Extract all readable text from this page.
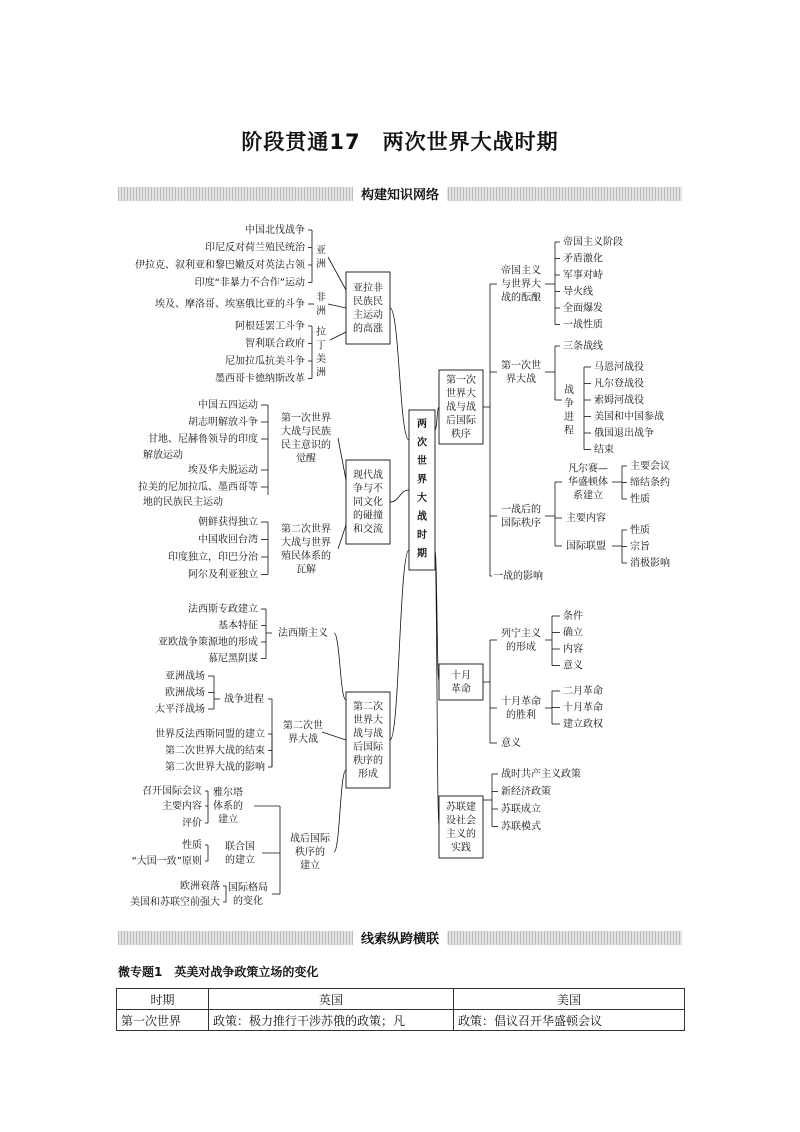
阶段贯通17　两次世界大战时期
构建知识网络
两
次
世
界
大
战
时
期
亚拉非
民族民
主运动
的高涨
现代战
争与不
同文化
的碰撞
和交流
第二次
世界大
战与战
后国际
秩序的
形成
第一次
世界大
战与战
后国际
秩序
十月
革命
苏联建
设社会
主义的
实践
中国北伐战争
印尼反对荷兰殖民统治
伊拉克、叙利亚和黎巴嫩反对英法占领
印度“非暴力不合作”运动
亚
洲
埃及、摩洛哥、埃塞俄比亚的斗争
非
洲
阿根廷罢工斗争
智利联合政府
尼加拉瓜抗美斗争
墨西哥卡德纳斯改革
拉
丁
美
洲
中国五四运动
胡志明解放斗争
甘地、尼赫鲁领导的印度
解放运动
埃及华夫脱运动
拉美的尼加拉瓜、墨西哥等
地的民族民主运动
第一次世界
大战与民族
民主意识的
觉醒
朝鲜获得独立
中国收回台湾
印度独立，印巴分治
阿尔及利亚独立
第二次世界
大战与世界
殖民体系的
瓦解
法西斯专政建立
基本特征
亚欧战争策源地的形成
慕尼黑阴谋
法西斯主义
亚洲战场
欧洲战场
太平洋战场
战争进程
世界反法西斯同盟的建立
第二次世界大战的结束
第二次世界大战的影响
第二次世
界大战
召开国际会议
主要内容
评价
雅尔塔
体系的
建立
性质
“大国一致”原则
联合国
的建立
欧洲衰落
美国和苏联空前强大
国际格局
的变化
战后国际
秩序的
建立
帝国主义阶段
矛盾激化
军事对峙
导火线
全面爆发
一战性质
帝国主义
与世界大
战的酝酿
三条战线
第一次世
界大战
战
争
进
程
马恩河战役
凡尔登战役
索姆河战役
美国和中国参战
俄国退出战争
结束
一战后的
国际秩序
凡尔赛—
华盛顿体
系建立
主要会议
缔结条约
性质
主要内容
国际联盟
性质
宗旨
消极影响
一战的影响
条件
确立
内容
意义
列宁主义
的形成
二月革命
十月革命
建立政权
十月革命
的胜利
意义
战时共产主义政策
新经济政策
苏联成立
苏联模式
线索纵跨横联
微专题1　英美对战争政策立场的变化
时期	英国	美国
第一次世界	政策：极力推行干涉苏俄的政策；凡	政策：倡议召开华盛顿会议
